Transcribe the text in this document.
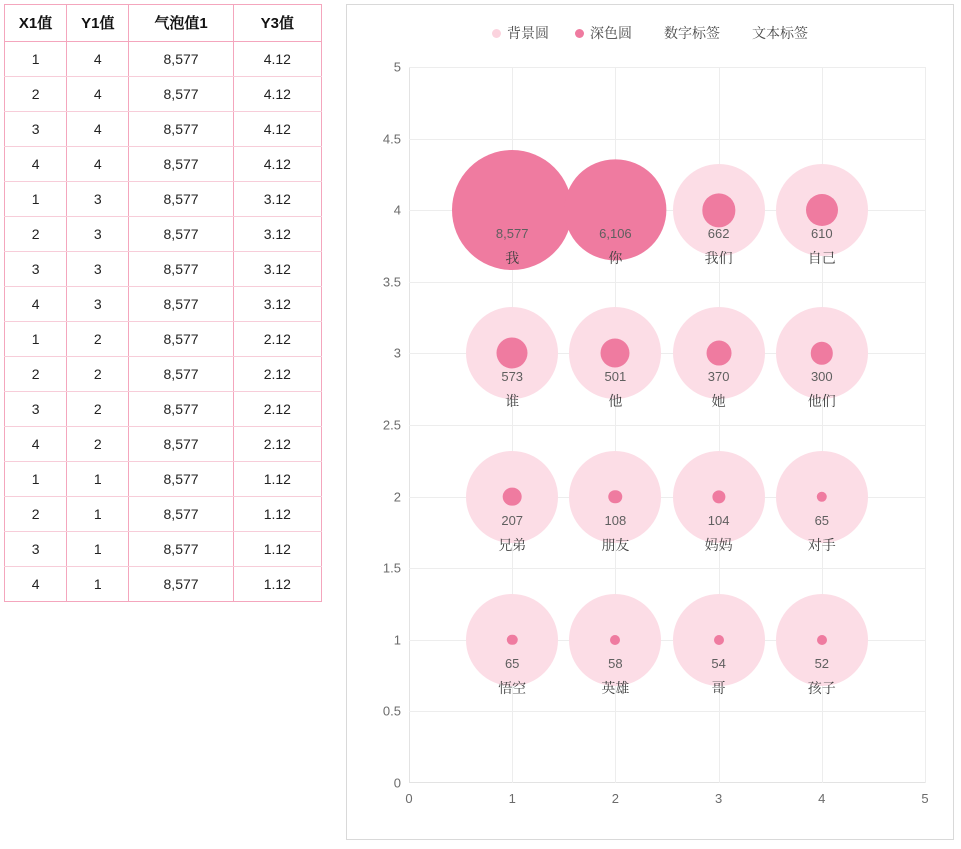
X1值	Y1值	气泡值1	Y3值
1	4	8,577	4.12
2	4	8,577	4.12
3	4	8,577	4.12
4	4	8,577	4.12
1	3	8,577	3.12
2	3	8,577	3.12
3	3	8,577	3.12
4	3	8,577	3.12
1	2	8,577	2.12
2	2	8,577	2.12
3	2	8,577	2.12
4	2	8,577	2.12
1	1	8,577	1.12
2	1	8,577	1.12
3	1	8,577	1.12
4	1	8,577	1.12
背景圆	深色圆 数字标签 文本标签
0
0.5
1
1.5
2
2.5
3
3.5
4
4.5
5
0	1	2	3	4	5
8,577
我
6,106
你
662
我们
610
自己
573
谁
501
他
370
她
300
他们
207
兄弟
108
朋友
104
妈妈
65
对手
65
悟空
58
英雄
54
哥
52
孩子
